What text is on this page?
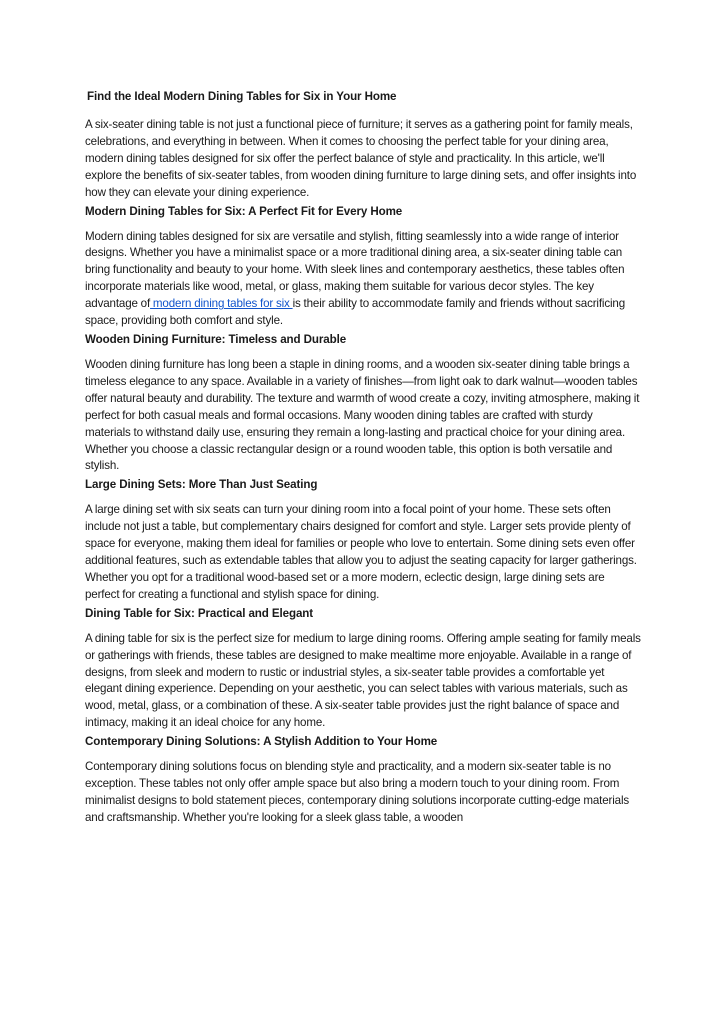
Find the Ideal Modern Dining Tables for Six in Your Home

A six-seater dining table is not just a functional piece of furniture; it serves as a gathering point for family meals, celebrations, and everything in between. When it comes to choosing the perfect table for your dining area, modern dining tables designed for six offer the perfect balance of style and practicality. In this article, we'll explore the benefits of six-seater tables, from wooden dining furniture to large dining sets, and offer insights into how they can elevate your dining experience.

Modern Dining Tables for Six: A Perfect Fit for Every Home

Modern dining tables designed for six are versatile and stylish, fitting seamlessly into a wide range of interior designs. Whether you have a minimalist space or a more traditional dining area, a six-seater dining table can bring functionality and beauty to your home. With sleek lines and contemporary aesthetics, these tables often incorporate materials like wood, metal, or glass, making them suitable for various decor styles. The key advantage of modern dining tables for six is their ability to accommodate family and friends without sacrificing space, providing both comfort and style.

Wooden Dining Furniture: Timeless and Durable

Wooden dining furniture has long been a staple in dining rooms, and a wooden six-seater dining table brings a timeless elegance to any space. Available in a variety of finishes—from light oak to dark walnut—wooden tables offer natural beauty and durability. The texture and warmth of wood create a cozy, inviting atmosphere, making it perfect for both casual meals and formal occasions. Many wooden dining tables are crafted with sturdy materials to withstand daily use, ensuring they remain a long-lasting and practical choice for your dining area. Whether you choose a classic rectangular design or a round wooden table, this option is both versatile and stylish.

Large Dining Sets: More Than Just Seating

A large dining set with six seats can turn your dining room into a focal point of your home. These sets often include not just a table, but complementary chairs designed for comfort and style. Larger sets provide plenty of space for everyone, making them ideal for families or people who love to entertain. Some dining sets even offer additional features, such as extendable tables that allow you to adjust the seating capacity for larger gatherings. Whether you opt for a traditional wood-based set or a more modern, eclectic design, large dining sets are perfect for creating a functional and stylish space for dining.

Dining Table for Six: Practical and Elegant

A dining table for six is the perfect size for medium to large dining rooms. Offering ample seating for family meals or gatherings with friends, these tables are designed to make mealtime more enjoyable. Available in a range of designs, from sleek and modern to rustic or industrial styles, a six-seater table provides a comfortable yet elegant dining experience. Depending on your aesthetic, you can select tables with various materials, such as wood, metal, glass, or a combination of these. A six-seater table provides just the right balance of space and intimacy, making it an ideal choice for any home.

Contemporary Dining Solutions: A Stylish Addition to Your Home

Contemporary dining solutions focus on blending style and practicality, and a modern six-seater table is no exception. These tables not only offer ample space but also bring a modern touch to your dining room. From minimalist designs to bold statement pieces, contemporary dining solutions incorporate cutting-edge materials and craftsmanship. Whether you're looking for a sleek glass table, a wooden
